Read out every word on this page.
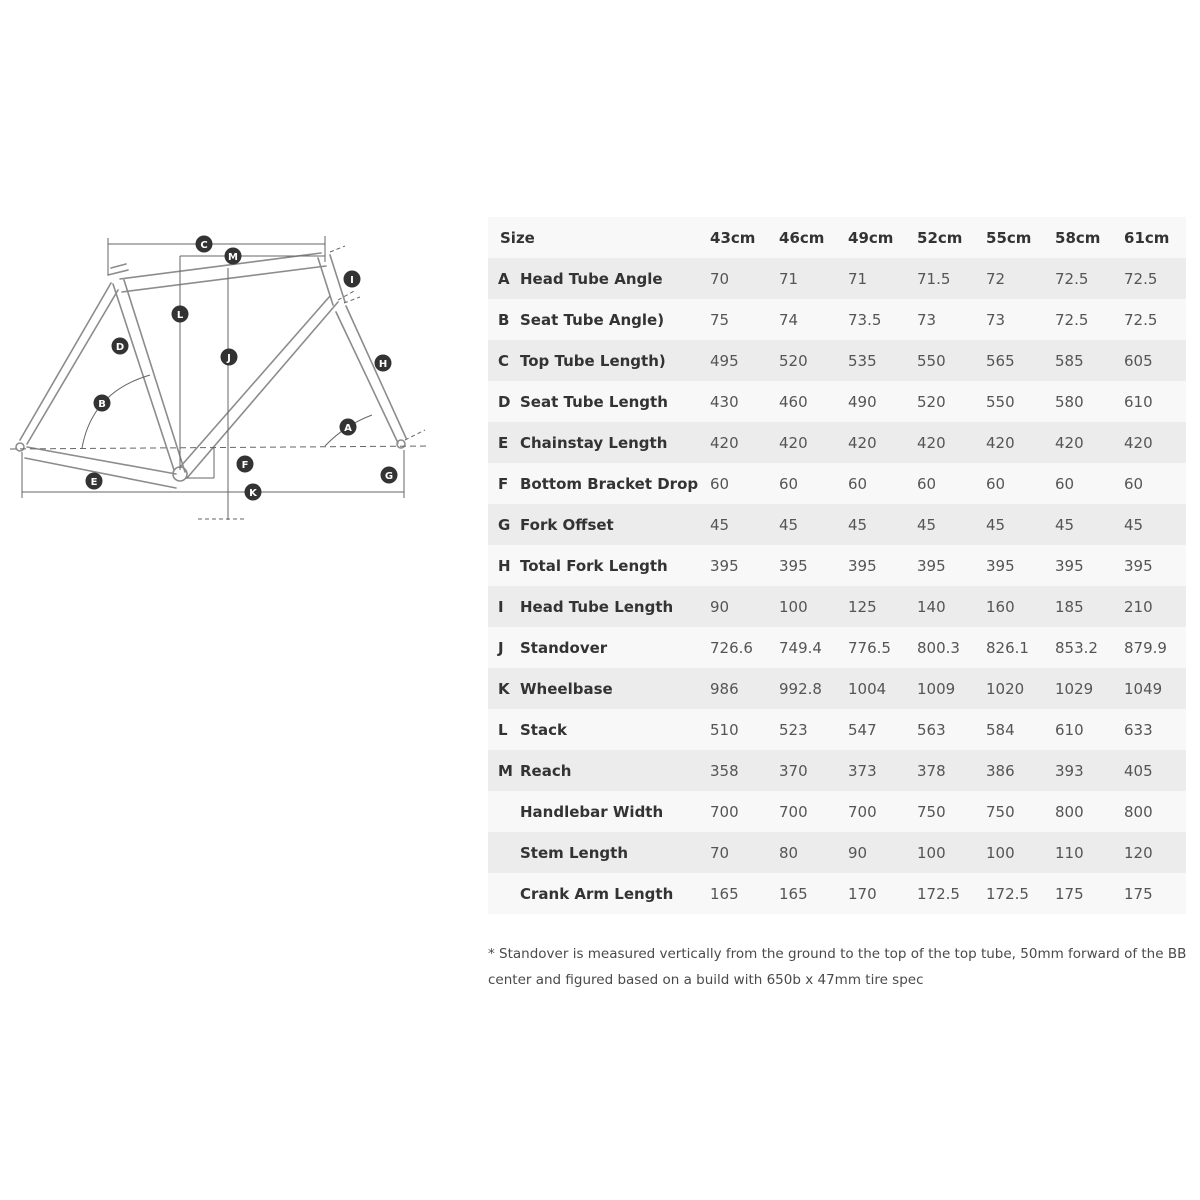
C
M
I
L
D
J
H
B
A
F
G
E
K
Size		43cm	46cm	49cm	52cm	55cm	58cm	61cm
A	Head Tube Angle	70	71	71	71.5	72	72.5	72.5
B	Seat Tube Angle)	75	74	73.5	73	73	72.5	72.5
C	Top Tube Length)	495	520	535	550	565	585	605
D	Seat Tube Length	430	460	490	520	550	580	610
E	Chainstay Length	420	420	420	420	420	420	420
F	Bottom Bracket Drop	60	60	60	60	60	60	60
G	Fork Offset	45	45	45	45	45	45	45
H	Total Fork Length	395	395	395	395	395	395	395
I	Head Tube Length	90	100	125	140	160	185	210
J	Standover	726.6	749.4	776.5	800.3	826.1	853.2	879.9
K	Wheelbase	986	992.8	1004	1009	1020	1029	1049
L	Stack	510	523	547	563	584	610	633
M	Reach	358	370	373	378	386	393	405
	Handlebar Width	700	700	700	750	750	800	800
	Stem Length	70	80	90	100	100	110	120
	Crank Arm Length	165	165	170	172.5	172.5	175	175
* Standover is measured vertically from the ground to the top of the top tube, 50mm forward of the BB center and figured based on a build with 650b x 47mm tire spec
